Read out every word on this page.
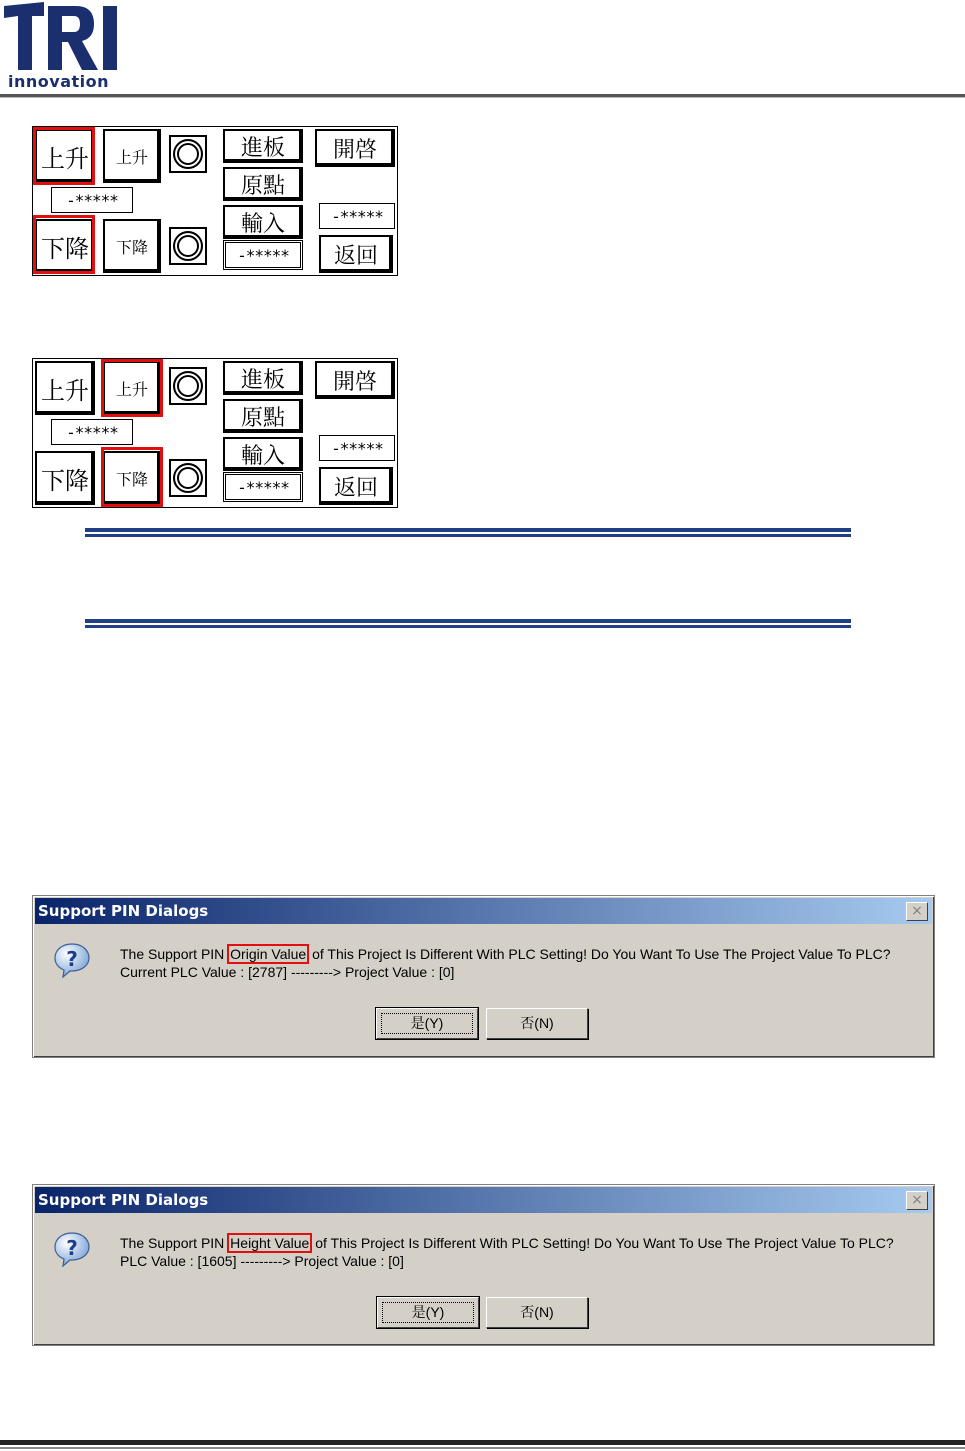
innovation
上升	上升
-*****
下降	下降
進板
原點
輸入
-*****
開啓
-*****
返回
上升	上升
-*****
下降	下降
進板
原點
輸入
-*****
開啓
-*****
返回
Support PIN Dialogs	×
?	The Support PIN Origin Value of This Project Is Different With PLC Setting! Do You Want To Use The Project Value To PLC?
Current PLC Value : [2787] ---------> Project Value : [0]
是(Y)	否(N)
Support PIN Dialogs	×
?	The Support PIN Height Value of This Project Is Different With PLC Setting! Do You Want To Use The Project Value To PLC?
PLC Value : [1605] ---------> Project Value : [0]
是(Y)	否(N)
